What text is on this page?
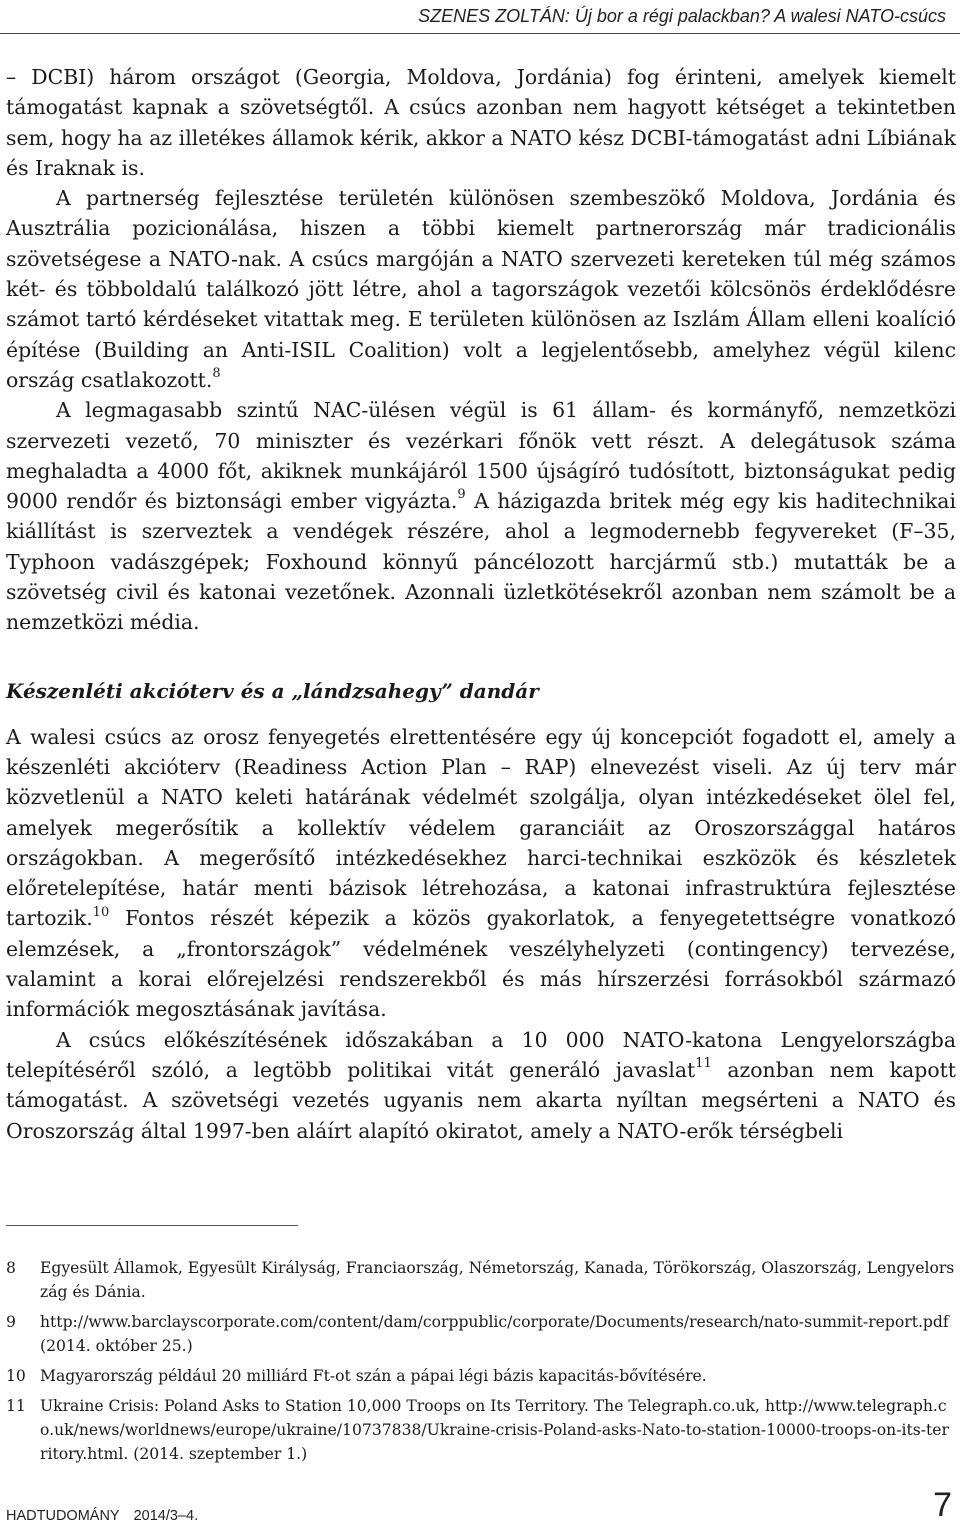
SZENES ZOLTÁN: Új bor a régi palackban? A walesi NATO-csúcs

– DCBI) három országot (Georgia, Moldova, Jordánia) fog érinteni, amelyek kiemelt támogatást kapnak a szövetségtől. A csúcs azonban nem hagyott kétséget a tekintetben sem, hogy ha az illetékes államok kérik, akkor a NATO kész DCBI-támogatást adni Líbiának és Iraknak is.

A partnerség fejlesztése területén különösen szembeszökő Moldova, Jordánia és Ausztrália pozicionálása, hiszen a többi kiemelt partnerország már tradicionális szövetségese a NATO-nak. A csúcs margóján a NATO szervezeti kereteken túl még számos két- és többoldalú találkozó jött létre, ahol a tagországok vezetői kölcsönös érdeklődésre számot tartó kérdéseket vitattak meg. E területen különösen az Iszlám Állam elleni koalíció építése (Building an Anti-ISIL Coalition) volt a legjelentősebb, amelyhez végül kilenc ország csatlakozott.$^8$

A legmagasabb szintű NAC-ülésen végül is 61 állam- és kormányfő, nemzetközi szervezeti vezető, 70 miniszter és vezérkari főnök vett részt. A delegátusok száma meghaladta a 4000 főt, akiknek munkájáról 1500 újságíró tudósított, biztonságukat pedig 9000 rendőr és biztonsági ember vigyázta.$^9$ A házigazda britek még egy kis haditechnikai kiállítást is szerveztek a vendégek részére, ahol a legmodernebb fegyvereket (F–35, Typhoon vadászgépek; Foxhound könnyű páncélozott harcjármű stb.) mutatták be a szövetség civil és katonai vezetőnek. Azonnali üzletkötésekről azonban nem számolt be a nemzetközi média.

Készenléti akcióterv és a „lándzsahegy” dandár

A walesi csúcs az orosz fenyegetés elrettentésére egy új koncepciót fogadott el, amely a készenléti akcióterv (Readiness Action Plan – RAP) elnevezést viseli. Az új terv már közvetlenül a NATO keleti határának védelmét szolgálja, olyan intézkedéseket ölel fel, amelyek megerősítik a kollektív védelem garanciáit az Oroszországgal határos országokban. A megerősítő intézkedésekhez harci-technikai eszközök és készletek előretelepítése, határ menti bázisok létrehozása, a katonai infrastruktúra fejlesztése tartozik.$^{10}$ Fontos részét képezik a közös gyakorlatok, a fenyegetettségre vonatkozó elemzések, a „frontországok” védelmének veszélyhelyzeti (contingency) tervezése, valamint a korai előrejelzési rendszerekből és más hírszerzési forrásokból származó információk megosztásának javítása.

A csúcs előkészítésének időszakában a 10 000 NATO-katona Lengyelországba telepítéséről szóló, a legtöbb politikai vitát generáló javaslat$^{11}$ azonban nem kapott támogatást. A szövetségi vezetés ugyanis nem akarta nyíltan megsérteni a NATO és Oroszország által 1997-ben aláírt alapító okiratot, amely a NATO-erők térségbeli

8	Egyesült Államok, Egyesült Királyság, Franciaország, Németország, Kanada, Törökország, Olaszország, Lengyelország és Dánia.
9	http://www.barclayscorporate.com/content/dam/corppublic/corporate/Documents/research/nato-summit-report.pdf (2014. október 25.)
10 Magyarország például 20 milliárd Ft-ot szán a pápai légi bázis kapacitás-bővítésére.
11 Ukraine Crisis: Poland Asks to Station 10,000 Troops on Its Territory. The Telegraph.co.uk, http://www.telegraph.co.uk/news/worldnews/europe/ukraine/10737838/Ukraine-crisis-Poland-asks-Nato-to-station-10000-troops-on-its-territory.html. (2014. szeptember 1.)
HADTUDOMÁNY 2014/3–4.	7
